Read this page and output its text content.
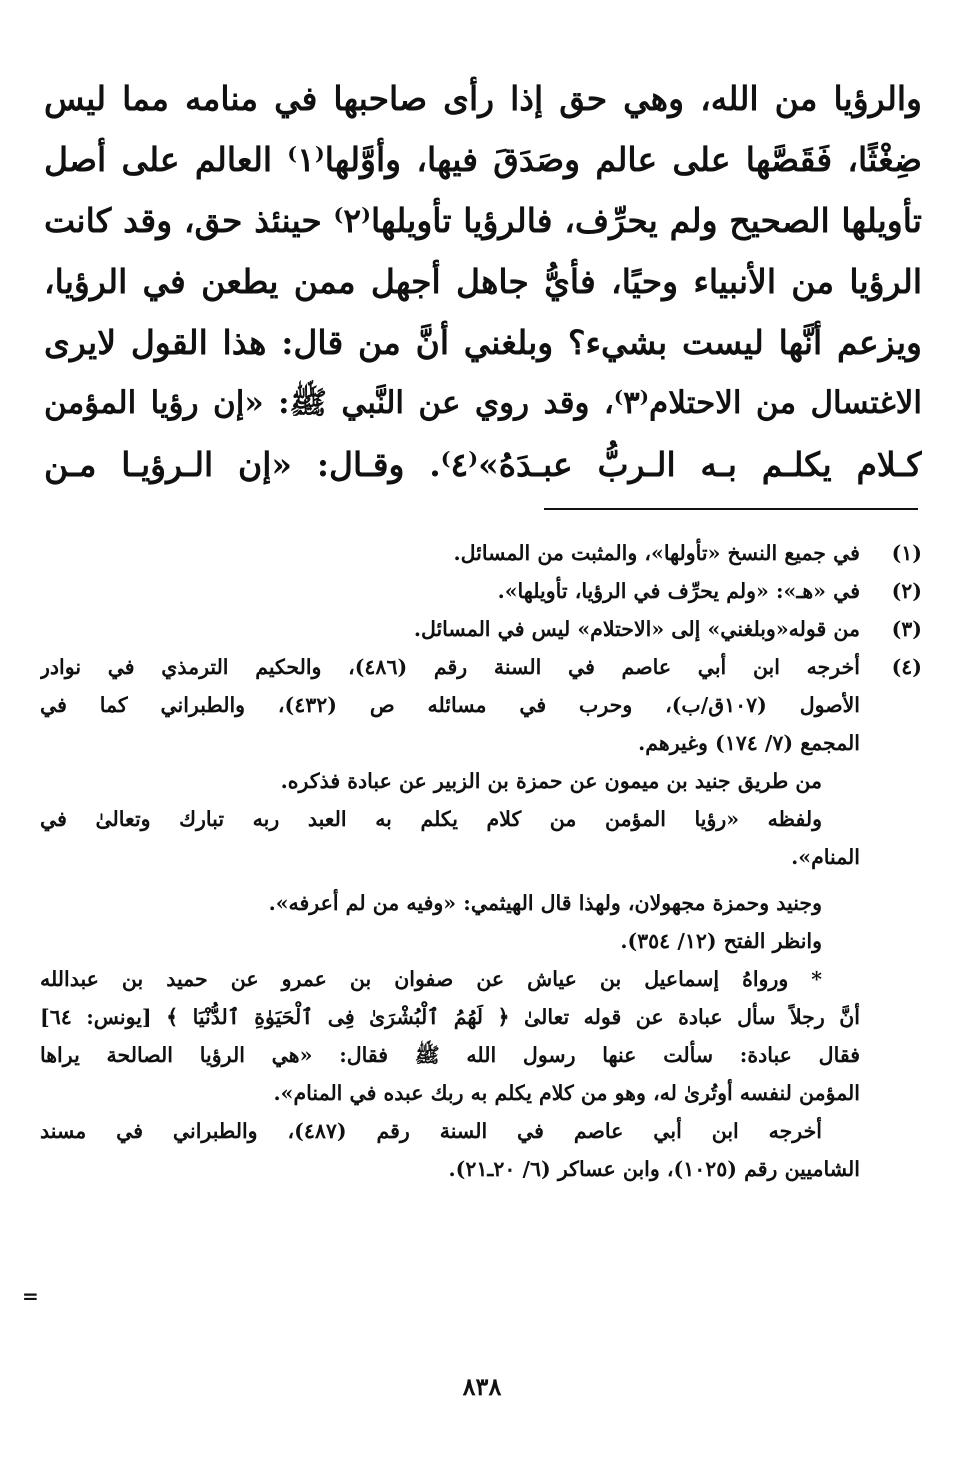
والرؤيا من الله، وهي حق إذا رأى صاحبها في منامه مما ليس
ضِغْثًا، فَقَصَّها على عالم وصَدَقَ فيها، وأوَّلها⁽١⁾ العالم على أصل
تأويلها الصحيح ولم يحرِّف، فالرؤيا تأويلها⁽٢⁾ حينئذ حق، وقد كانت
الرؤيا من الأنبياء وحيًا، فأيُّ جاهل أجهل ممن يطعن في الرؤيا،
ويزعم أنَّها ليست بشيء؟ وبلغني أنَّ من قال: هذا القول لايرى
الاغتسال من الاحتلام⁽٣⁾، وقد روي عن النَّبي ﷺ: «إن رؤيا المؤمن
كـلام يكلـم بـه الـربُّ عبـدَهُ»⁽٤⁾. وقـال: «إن الـرؤيـا مـن
(١)
في جميع النسخ «تأولها»، والمثبت من المسائل.
(٢)
في «هـ»: «ولم يحرِّف في الرؤيا، تأويلها».
(٣)
من قوله«وبلغني» إلى «الاحتلام» ليس في المسائل.
(٤)
أخرجه ابن أبي عاصم في السنة رقم (٤٨٦)، والحكيم الترمذي في نوادر
الأصول (١٠٧ق/ب)، وحرب في مسائله ص (٤٣٢)، والطبراني كما في
المجمع (٧/ ١٧٤) وغيرهم.
من طريق جنيد بن ميمون عن حمزة بن الزبير عن عبادة فذكره.
ولفظه «رؤيا المؤمن من كلام يكلم به العبد ربه تبارك وتعالىٰ في
المنام».
وجنيد وحمزة مجهولان، ولهذا قال الهيثمي: «وفيه من لم أعرفه».
وانظر الفتح (١٢/ ٣٥٤).
* ورواهُ إسماعيل بن عياش عن صفوان بن عمرو عن حميد بن عبدالله
أنَّ رجلاً سأل عبادة عن قوله تعالىٰ ﴿ لَهُمُ ٱلْبُشْرَىٰ فِى ٱلْحَيَوٰةِ ٱلدُّنْيَا ﴾ [يونس: ٦٤]
فقال عبادة: سألت عنها رسول الله ﷺ فقال: «هي الرؤيا الصالحة يراها
المؤمن لنفسه أوتُرىٰ له، وهو من كلام يكلم به ربك عبده في المنام».
أخرجه ابن أبي عاصم في السنة رقم (٤٨٧)، والطبراني في مسند
الشاميين رقم (١٠٢٥)، وابن عساكر (٦/ ٢٠ـ٢١).
=
٨٣٨
